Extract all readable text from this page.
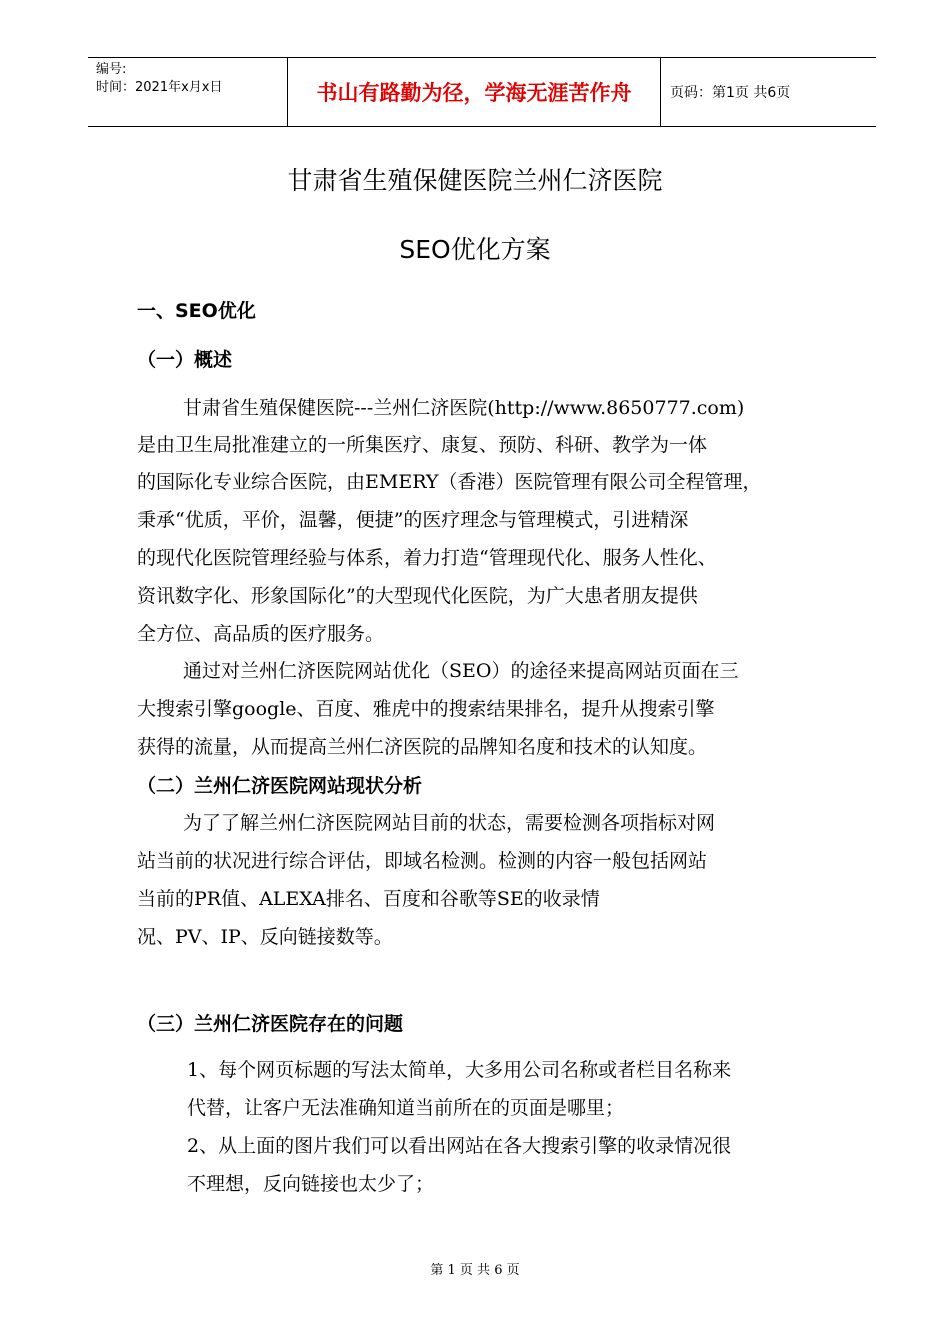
编号:
时间：2021年x月x日	书山有路勤为径，学海无涯苦作舟	页码：第1页 共6页
甘肃省生殖保健医院兰州仁济医院
SEO优化方案
一、SEO优化
（一）概述
甘肃省生殖保健医院---兰州仁济医院(http://www.8650777.com)
是由卫生局批准建立的一所集医疗、康复、预防、科研、教学为一体
的国际化专业综合医院，由EMERY（香港）医院管理有限公司全程管理，
秉承“优质，平价，温馨，便捷”的医疗理念与管理模式，引进精深
的现代化医院管理经验与体系，着力打造“管理现代化、服务人性化、
资讯数字化、形象国际化”的大型现代化医院，为广大患者朋友提供
全方位、高品质的医疗服务。
通过对兰州仁济医院网站优化（SEO）的途径来提高网站页面在三
大搜索引擎google、百度、雅虎中的搜索结果排名，提升从搜索引擎
获得的流量，从而提高兰州仁济医院的品牌知名度和技术的认知度。
（二）兰州仁济医院网站现状分析
为了了解兰州仁济医院网站目前的状态，需要检测各项指标对网
站当前的状况进行综合评估，即域名检测。检测的内容一般包括网站
当前的PR值、ALEXA排名、百度和谷歌等SE的收录情
况、PV、IP、反向链接数等。
（三）兰州仁济医院存在的问题
1、每个网页标题的写法太简单，大多用公司名称或者栏目名称来
代替，让客户无法准确知道当前所在的页面是哪里；
2、从上面的图片我们可以看出网站在各大搜索引擎的收录情况很
不理想，反向链接也太少了；
第 1 页 共 6 页
